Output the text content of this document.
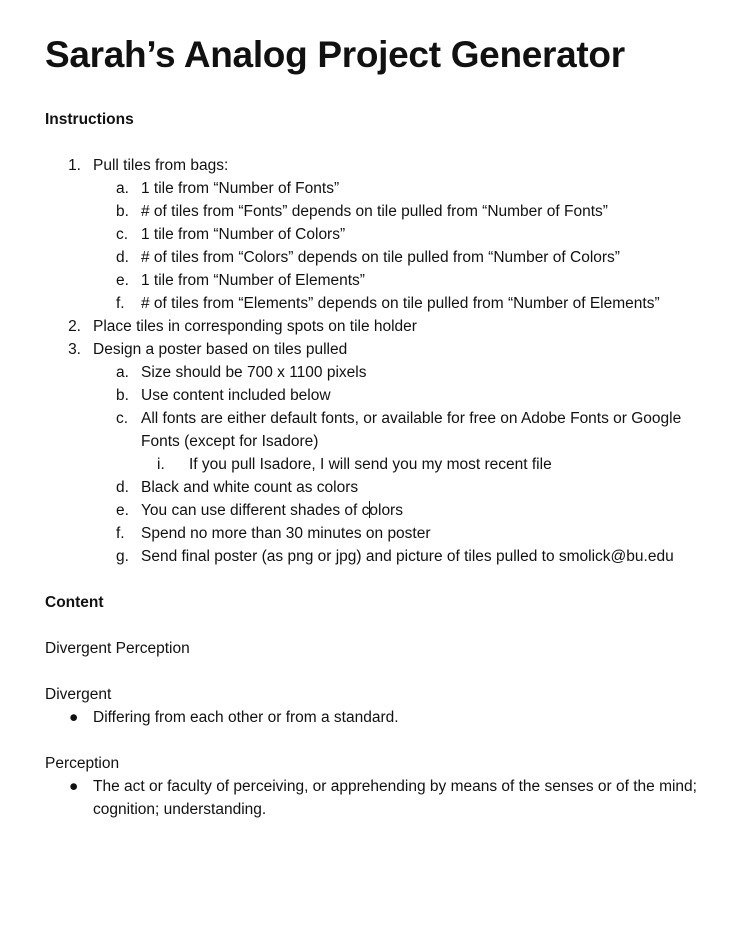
Sarah’s Analog Project Generator
Instructions
1. Pull tiles from bags:
a. 1 tile from “Number of Fonts”
b. # of tiles from “Fonts” depends on tile pulled from “Number of Fonts”
c. 1 tile from “Number of Colors”
d. # of tiles from “Colors” depends on tile pulled from “Number of Colors”
e. 1 tile from “Number of Elements”
f. # of tiles from “Elements” depends on tile pulled from “Number of Elements”
2. Place tiles in corresponding spots on tile holder
3. Design a poster based on tiles pulled
a. Size should be 700 x 1100 pixels
b. Use content included below
c. All fonts are either default fonts, or available for free on Adobe Fonts or Google Fonts (except for Isadore)
i.	If you pull Isadore, I will send you my most recent file
d. Black and white count as colors
e. You can use different shades of colors
f. Spend no more than 30 minutes on poster
g. Send final poster (as png or jpg) and picture of tiles pulled to smolick@bu.edu
Content
Divergent Perception
Divergent
● Differing from each other or from a standard.
Perception
● The act or faculty of perceiving, or apprehending by means of the senses or of the mind; cognition; understanding.
